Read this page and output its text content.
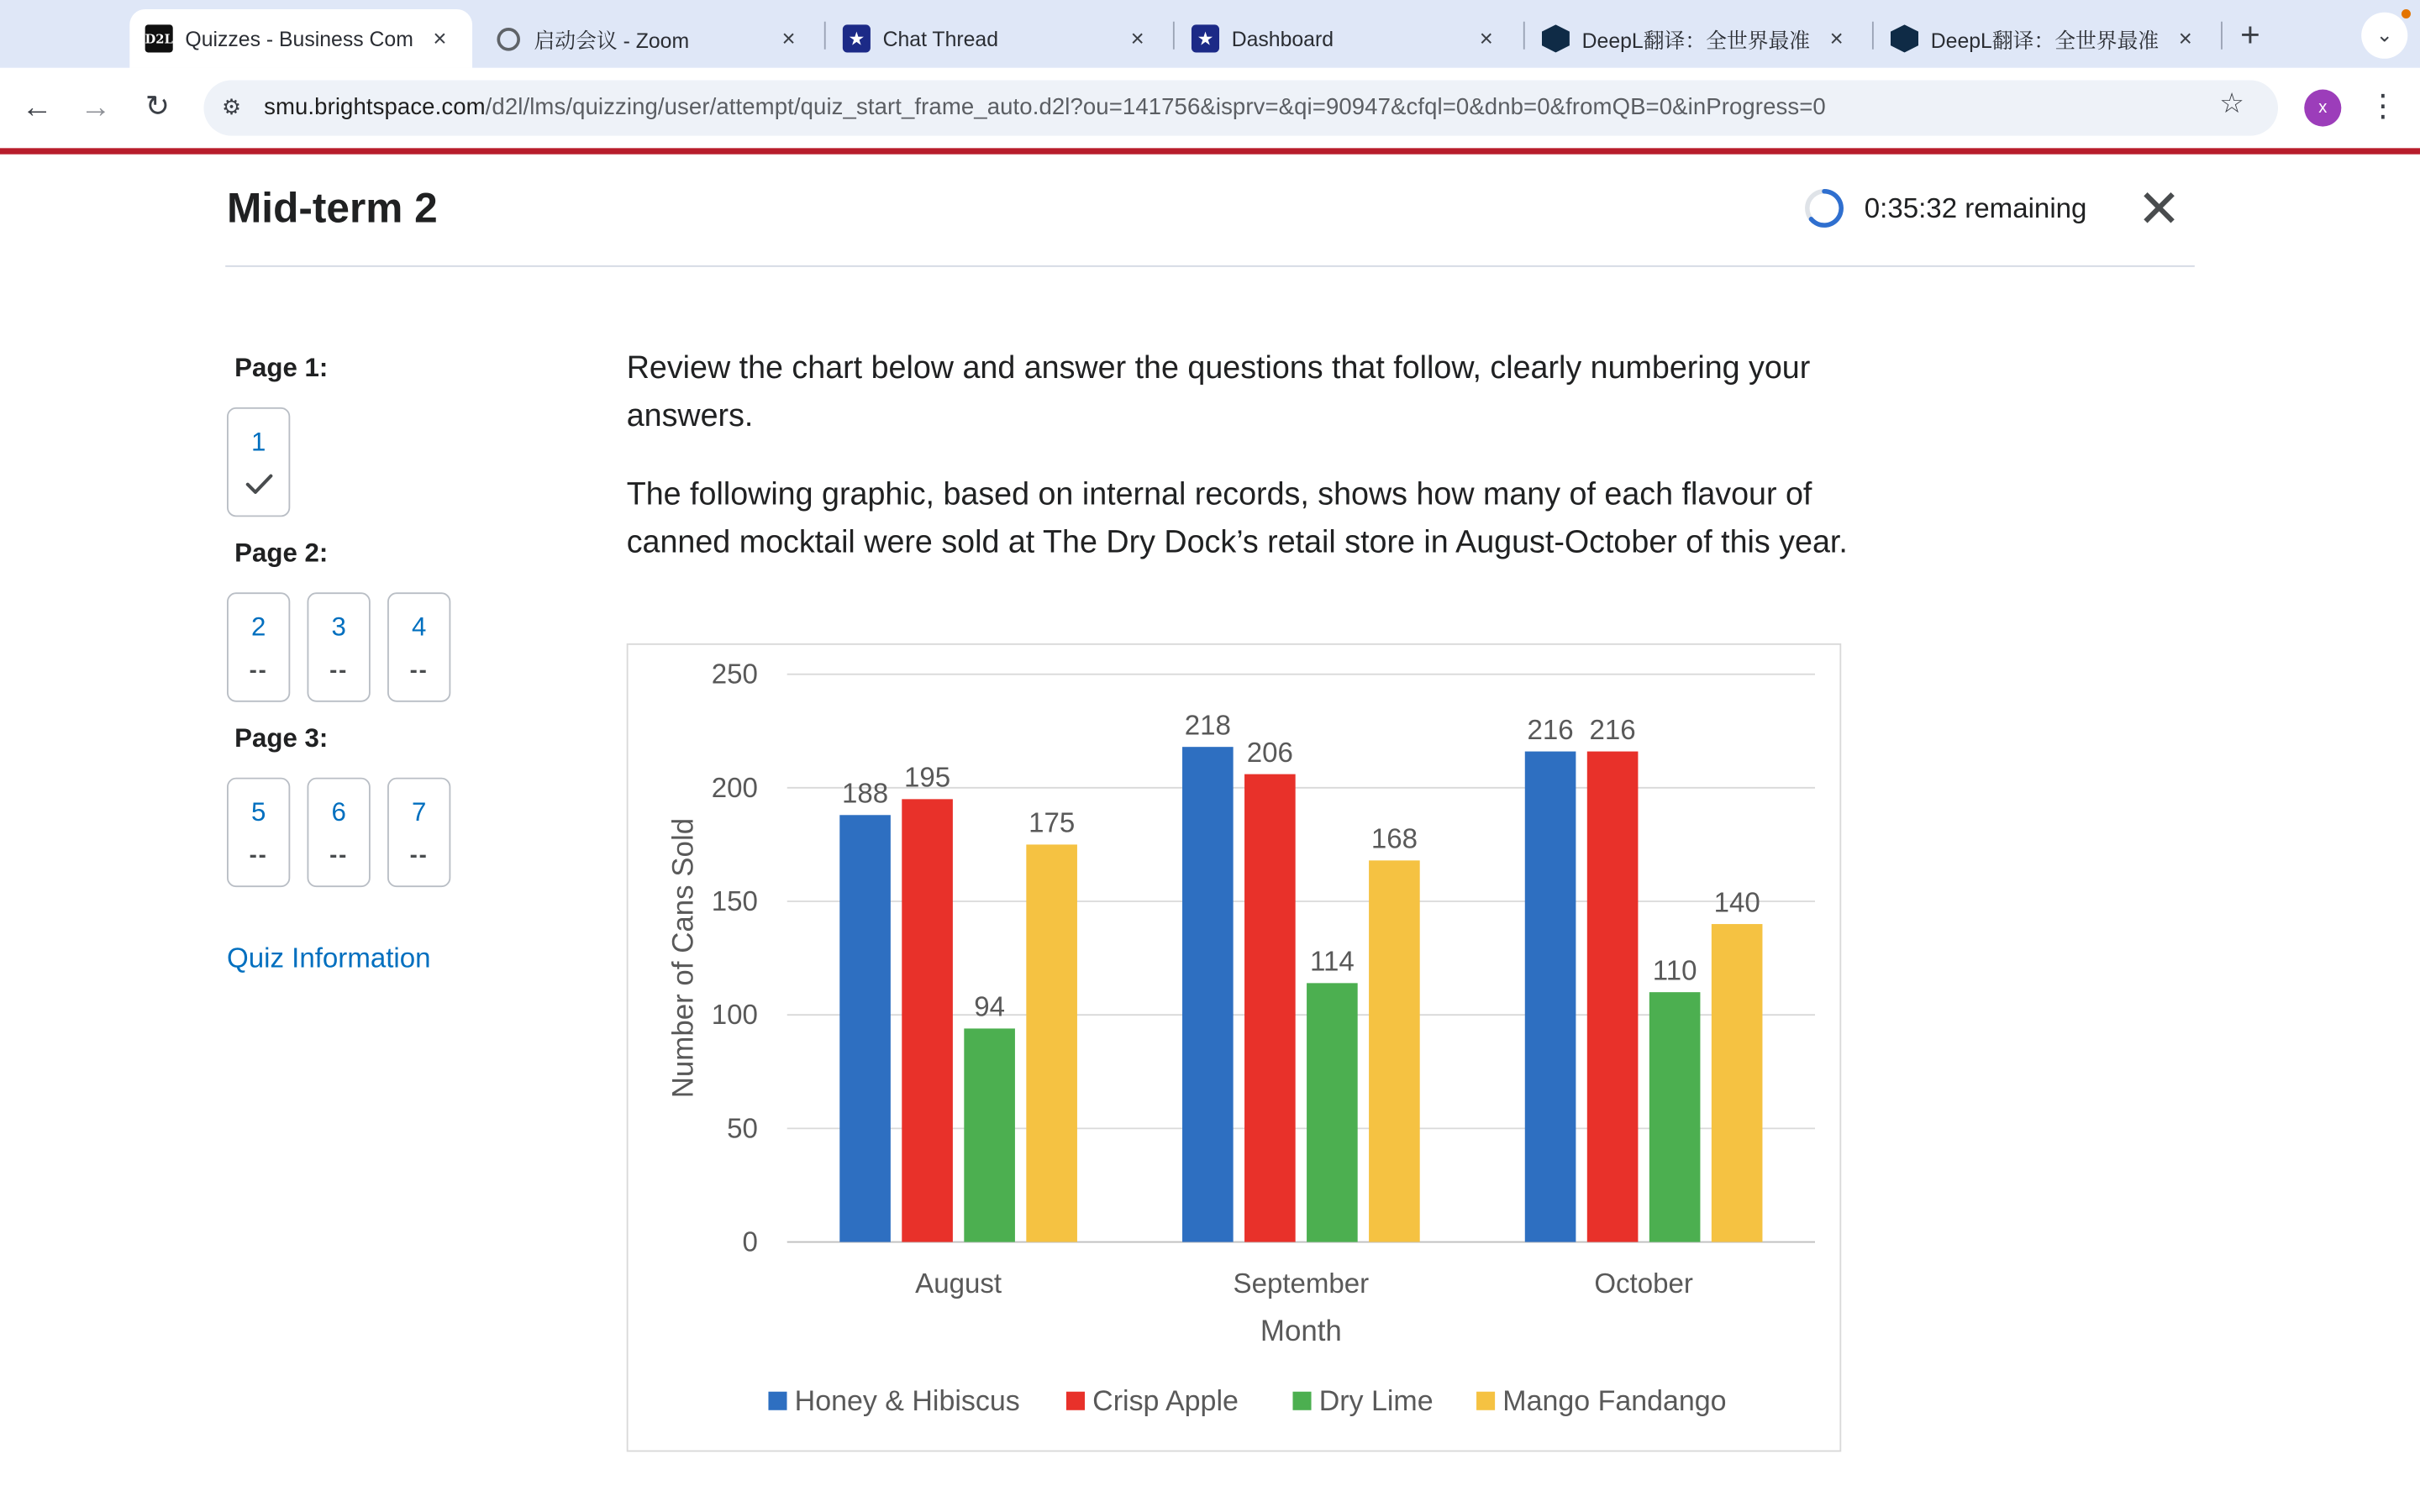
D2L Quizzes - Business Com	×	启动会议 - Zoom	×	★	Chat Thread	×	★	Dashboard	×	DeepL翻译：全世界最准	×	DeepL翻译：全世界最准	×	+	⌄
←	→	↻	⚙ smu.brightspace.com/d2l/lms/quizzing/user/attempt/quiz_start_frame_auto.d2l?ou=141756&isprv=&qi=90947&cfql=0&dnb=0&fromQB=0&inProgress=0	☆	x	⋮
Mid-term 2	0:35:32 remaining ✕
Page 1:
1
Page 2:
2
--
3
--
4
--
Page 3:
5
--
6
--
7
--
Quiz Information
Review the chart below and answer the questions that follow, clearly numbering your answers.
The following graphic, based on internal records, shows how many of each flavour of canned mocktail were sold at The Dry Dock’s retail store in August-October of this year.
0
50
100
150
200
250
188
195
94
175
August
218
206
114
168
September
216 216
110
140
October
Month
Number of Cans Sold
Honey & Hibiscus	Crisp Apple	Dry Lime	Mango Fandango
